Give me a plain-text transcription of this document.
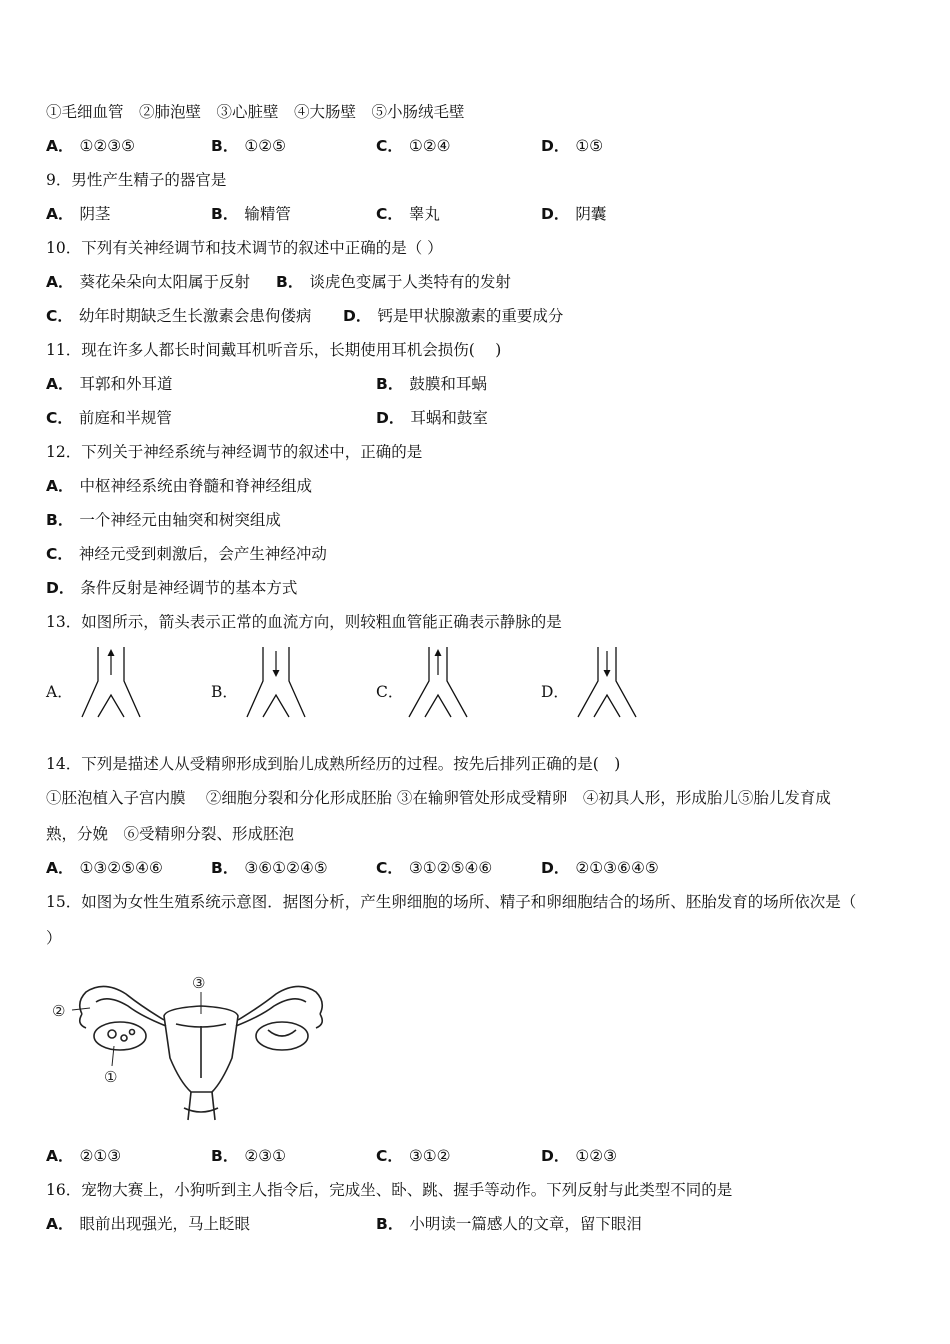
①毛细血管　②肺泡壁　③心脏壁　④大肠壁　⑤小肠绒毛壁
A． ①②③⑤	B． ①②⑤	C． ①②④	D． ①⑤
9．男性产生精子的器官是
A． 阴茎	B． 输精管	C． 睾丸	D． 阴囊
10．下列有关神经调节和技术调节的叙述中正确的是（ ）
A． 葵花朵朵向太阳属于反射 B． 谈虎色变属于人类特有的发射
C． 幼年时期缺乏生长激素会患佝偻病 D． 钙是甲状腺激素的重要成分
11．现在许多人都长时间戴耳机听音乐，长期使用耳机会损伤(　 )
A． 耳郭和外耳道	B． 鼓膜和耳蜗
C． 前庭和半规管	D． 耳蜗和鼓室
12．下列关于神经系统与神经调节的叙述中，正确的是
A． 中枢神经系统由脊髓和脊神经组成
B． 一个神经元由轴突和树突组成
C． 神经元受到刺激后，会产生神经冲动
D． 条件反射是神经调节的基本方式
13．如图所示，箭头表示正常的血流方向，则较粗血管能正确表示静脉的是
A．	B．	C．	D．
14．下列是描述人从受精卵形成到胎儿成熟所经历的过程。按先后排列正确的是(　)
①胚泡植入子宫内膜　 ②细胞分裂和分化形成胚胎 ③在输卵管处形成受精卵　④初具人形，形成胎儿⑤胎儿发育成
熟，分娩　⑥受精卵分裂、形成胚泡
A． ①③②⑤④⑥	B． ③⑥①②④⑤	C． ③①②⑤④⑥	D． ②①③⑥④⑤
15．如图为女性生殖系统示意图．据图分析，产生卵细胞的场所、精子和卵细胞结合的场所、胚胎发育的场所依次是（
）
②
③
①
A． ②①③	B． ②③①	C． ③①②	D． ①②③
16．宠物大赛上，小狗听到主人指令后，完成坐、卧、跳、握手等动作。下列反射与此类型不同的是
A． 眼前出现强光，马上眨眼	B． 小明读一篇感人的文章，留下眼泪
